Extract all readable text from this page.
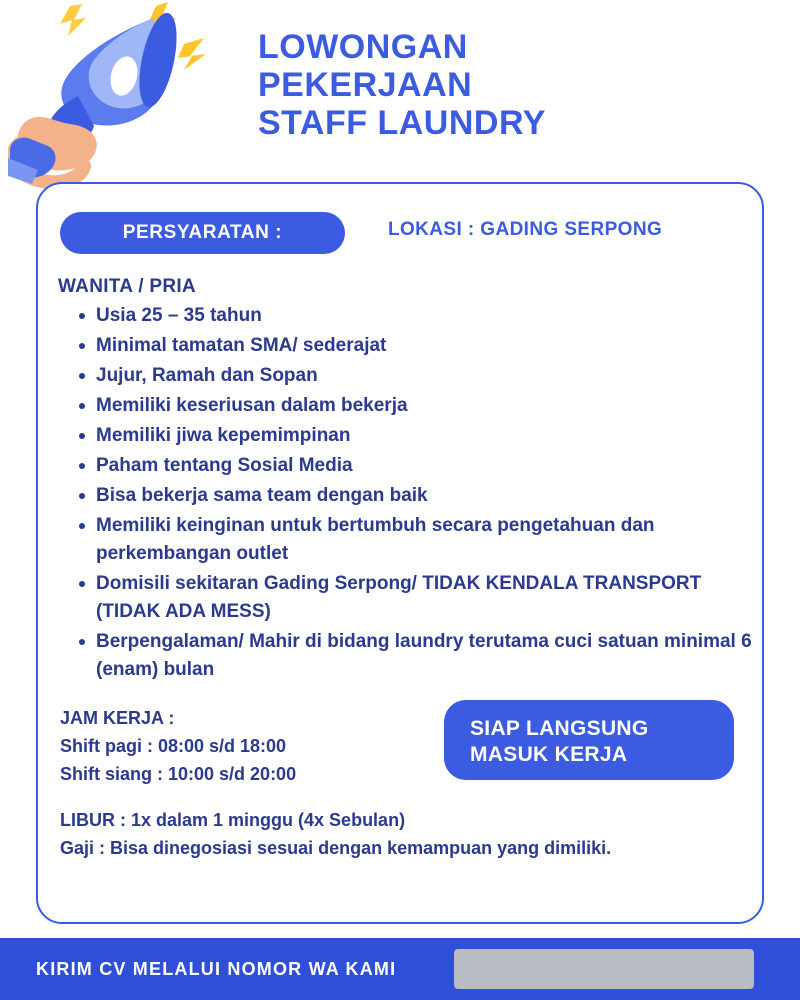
LOWONGAN
PEKERJAAN
STAFF LAUNDRY
PERSYARATAN :	LOKASI : GADING SERPONG
WANITA / PRIA
Usia 25 – 35 tahun
Minimal tamatan SMA/ sederajat
Jujur, Ramah dan Sopan
Memiliki keseriusan dalam bekerja
Memiliki jiwa kepemimpinan
Paham tentang Sosial Media
Bisa bekerja sama team dengan baik
Memiliki keinginan untuk bertumbuh secara pengetahuan dan perkembangan outlet
Domisili sekitaran Gading Serpong/ TIDAK KENDALA TRANSPORT (TIDAK ADA MESS)
Berpengalaman/ Mahir di bidang laundry terutama cuci satuan minimal 6 (enam) bulan
JAM KERJA :
Shift pagi : 08:00 s/d 18:00
Shift siang : 10:00 s/d 20:00
SIAP LANGSUNG
MASUK KERJA
LIBUR : 1x dalam 1 minggu (4x Sebulan)
Gaji : Bisa dinegosiasi sesuai dengan kemampuan yang dimiliki.
KIRIM CV MELALUI NOMOR WA KAMI
